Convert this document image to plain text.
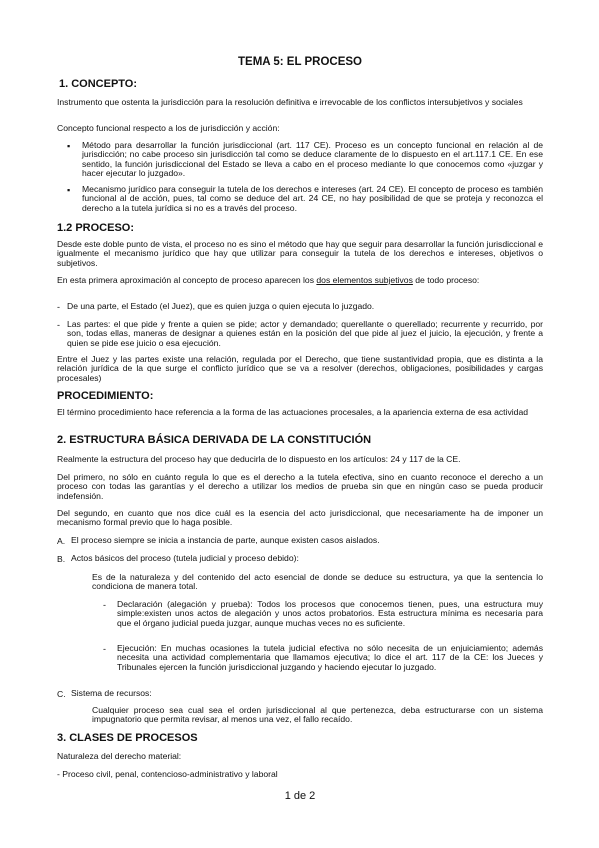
TEMA 5: EL PROCESO
1. CONCEPTO:
Instrumento que ostenta la jurisdicción para la resolución definitiva e irrevocable de los conflictos intersubjetivos y sociales
Concepto funcional respecto a los de jurisdicción y acción:
▪ Método para desarrollar la función jurisdiccional (art. 117 CE). Proceso es un concepto funcional en relación al de jurisdicción; no cabe proceso sin jurisdicción tal como se deduce claramente de lo dispuesto en el art.117.1 CE. En ese sentido, la función jurisdiccional del Estado se lleva a cabo en el proceso mediante lo que conocemos como «juzgar y hacer ejecutar lo juzgado».
▪ Mecanismo jurídico para conseguir la tutela de los derechos e intereses (art. 24 CE). El concepto de proceso es también funcional al de acción, pues, tal como se deduce del art. 24 CE, no hay posibilidad de que se proteja y reconozca el derecho a la tutela jurídica si no es a través del proceso.
1.2 PROCESO:
Desde este doble punto de vista, el proceso no es sino el método que hay que seguir para desarrollar la función jurisdiccional e igualmente el mecanismo jurídico que hay que utilizar para conseguir la tutela de los derechos e intereses, objetivos o subjetivos.
En esta primera aproximación al concepto de proceso aparecen los dos elementos subjetivos de todo proceso:
- De una parte, el Estado (el Juez), que es quien juzga o quien ejecuta lo juzgado.
- Las partes: el que pide y frente a quien se pide; actor y demandado; querellante o querellado; recurrente y recurrido, por son, todas ellas, maneras de designar a quienes están en la posición del que pide al juez el juicio, la ejecución, y frente a quien se pide ese juicio o esa ejecución.
Entre el Juez y las partes existe una relación, regulada por el Derecho, que tiene sustantividad propia, que es distinta a la relación jurídica de la que surge el conflicto jurídico que se va a resolver (derechos, obligaciones, posibilidades y cargas procesales)
PROCEDIMIENTO:
El término procedimiento hace referencia a la forma de las actuaciones procesales, a la apariencia externa de esa actividad
2. ESTRUCTURA BÁSICA DERIVADA DE LA CONSTITUCIÓN
Realmente la estructura del proceso hay que deducirla de lo dispuesto en los artículos: 24 y 117 de la CE.
Del primero, no sólo en cuánto regula lo que es el derecho a la tutela efectiva, sino en cuanto reconoce el derecho a un proceso con todas las garantías y el derecho a utilizar los medios de prueba sin que en ningún caso se pueda producir indefensión.
Del segundo, en cuanto que nos dice cuál es la esencia del acto jurisdiccional, que necesariamente ha de imponer un mecanismo formal previo que lo haga posible.
A. El proceso siempre se inicia a instancia de parte, aunque existen casos aislados.
B. Actos básicos del proceso (tutela judicial y proceso debido):
Es de la naturaleza y del contenido del acto esencial de donde se deduce su estructura, ya que la sentencia lo condiciona de manera total.
- Declaración (alegación y prueba): Todos los procesos que conocemos tienen, pues, una estructura muy simple:existen unos actos de alegación y unos actos probatorios. Esta estructura mínima es necesaria para que el órgano judicial pueda juzgar, aunque muchas veces no es suficiente.
- Ejecución: En muchas ocasiones la tutela judicial efectiva no sólo necesita de un enjuiciamiento; además necesita una actividad complementaria que llamamos ejecutiva; lo dice el art. 117 de la CE: los Jueces y Tribunales ejercen la función jurisdiccional juzgando y haciendo ejecutar lo juzgado.
C. Sistema de recursos:
Cualquier proceso sea cual sea el orden jurisdiccional al que pertenezca, deba estructurarse con un sistema impugnatorio que permita revisar, al menos una vez, el fallo recaído.
3. CLASES DE PROCESOS
Naturaleza del derecho material:
- Proceso civil, penal, contencioso-administrativo y laboral
1 de 2
